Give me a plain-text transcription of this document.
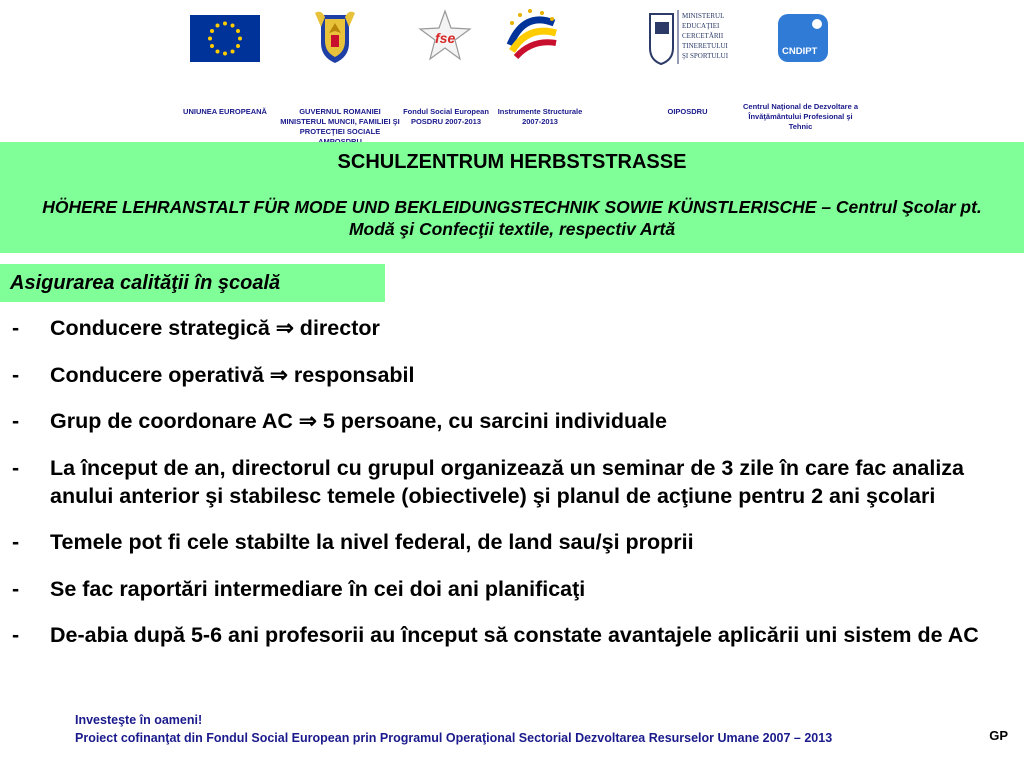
fse
MINISTERUL
EDUCAŢIEI
CERCETĂRII
TINERETULUI
ŞI SPORTULUI	CNDIPT
UNIUNEA EUROPEANĂ	GUVERNUL ROMANIEI MINISTERUL MUNCII, FAMILIEI ŞI PROTECŢIEI SOCIALE
Fondul Social European POSDRU 2007-2013
Instrumente Structurale 2007-2013
OIPOSDRU
Centrul Naţional de Dezvoltare a Învăţământului Profesional şi Tehnic
SCHULZENTRUM HERBSTSTRASSE
HÖHERE LEHRANSTALT FÜR MODE UND BEKLEIDUNGSTECHNIK SOWIE KÜNSTLERISCHE – Centrul Şcolar pt. Modă şi Confecţii textile, respectiv Artă
Asigurarea calităţii în şcoală
- Conducere strategică ⇒ director
- Conducere operativă ⇒ responsabil
- Grup de coordonare AC ⇒ 5 persoane, cu sarcini individuale
- La început de an, directorul cu grupul organizează un seminar de 3 zile în care fac analiza anului anterior şi stabilesc temele (obiectivele) şi planul de acţiune pentru 2 ani şcolari
- Temele pot fi cele stabilte la nivel federal, de land sau/şi proprii
- Se fac raportări intermediare în cei doi ani planificaţi
- De-abia după 5-6 ani profesorii au început să constate avantajele aplicării uni sistem de AC
Investeşte în oameni!
Proiect cofinanţat din Fondul Social European prin Programul Operaţional Sectorial Dezvoltarea Resurselor Umane 2007 – 2013	GP
